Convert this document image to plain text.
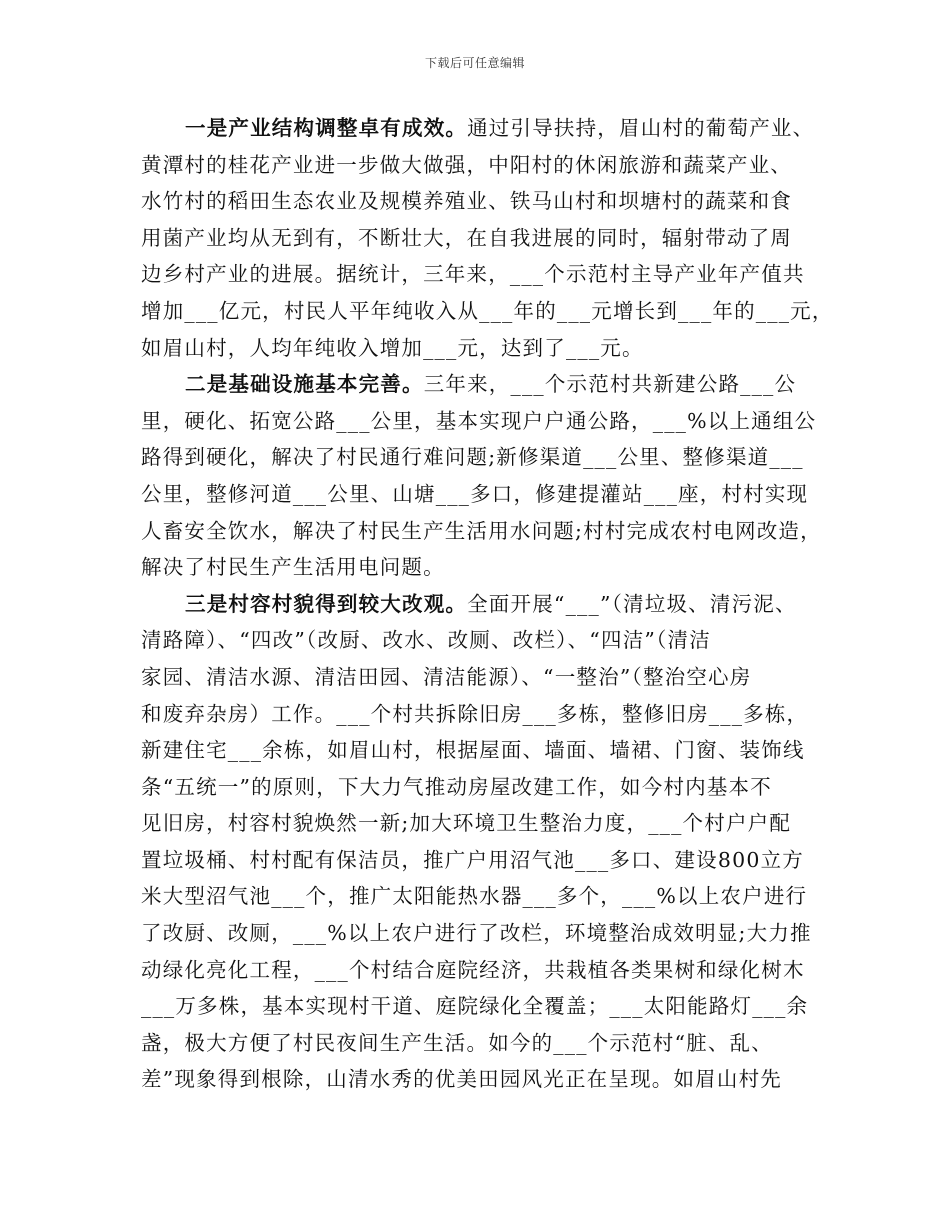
下载后可任意编辑
一是产业结构调整卓有成效。通过引导扶持，眉山村的葡萄产业、
黄潭村的桂花产业进一步做大做强，中阳村的休闲旅游和蔬菜产业、
水竹村的稻田生态农业及规模养殖业、铁马山村和坝塘村的蔬菜和食
用菌产业均从无到有，不断壮大，在自我进展的同时，辐射带动了周
边乡村产业的进展。据统计，三年来，___个示范村主导产业年产值共
增加___亿元，村民人平年纯收入从___年的___元增长到___年的___元，
如眉山村，人均年纯收入增加___元，达到了___元。
二是基础设施基本完善。三年来，___个示范村共新建公路___公
里，硬化、拓宽公路___公里，基本实现户户通公路，___%以上通组公
路得到硬化，解决了村民通行难问题;新修渠道___公里、整修渠道___
公里，整修河道___公里、山塘___多口，修建提灌站___座，村村实现
人畜安全饮水，解决了村民生产生活用水问题;村村完成农村电网改造，
解决了村民生产生活用电问题。
三是村容村貌得到较大改观。全面开展“___”（清垃圾、清污泥、
清路障）、“四改”（改厨、改水、改厕、改栏）、“四洁”（清洁
家园、清洁水源、清洁田园、清洁能源）、“一整治”（整治空心房
和废弃杂房）工作。___个村共拆除旧房___多栋，整修旧房___多栋，
新建住宅___余栋，如眉山村，根据屋面、墙面、墙裙、门窗、装饰线
条“五统一”的原则，下大力气推动房屋改建工作，如今村内基本不
见旧房，村容村貌焕然一新;加大环境卫生整治力度，___个村户户配
置垃圾桶、村村配有保洁员，推广户用沼气池___多口、建设800立方
米大型沼气池___个，推广太阳能热水器___多个，___%以上农户进行
了改厨、改厕，___%以上农户进行了改栏，环境整治成效明显;大力推
动绿化亮化工程，___个村结合庭院经济，共栽植各类果树和绿化树木
___万多株，基本实现村干道、庭院绿化全覆盖；___太阳能路灯___余
盏，极大方便了村民夜间生产生活。如今的___个示范村“脏、乱、
差”现象得到根除，山清水秀的优美田园风光正在呈现。如眉山村先
